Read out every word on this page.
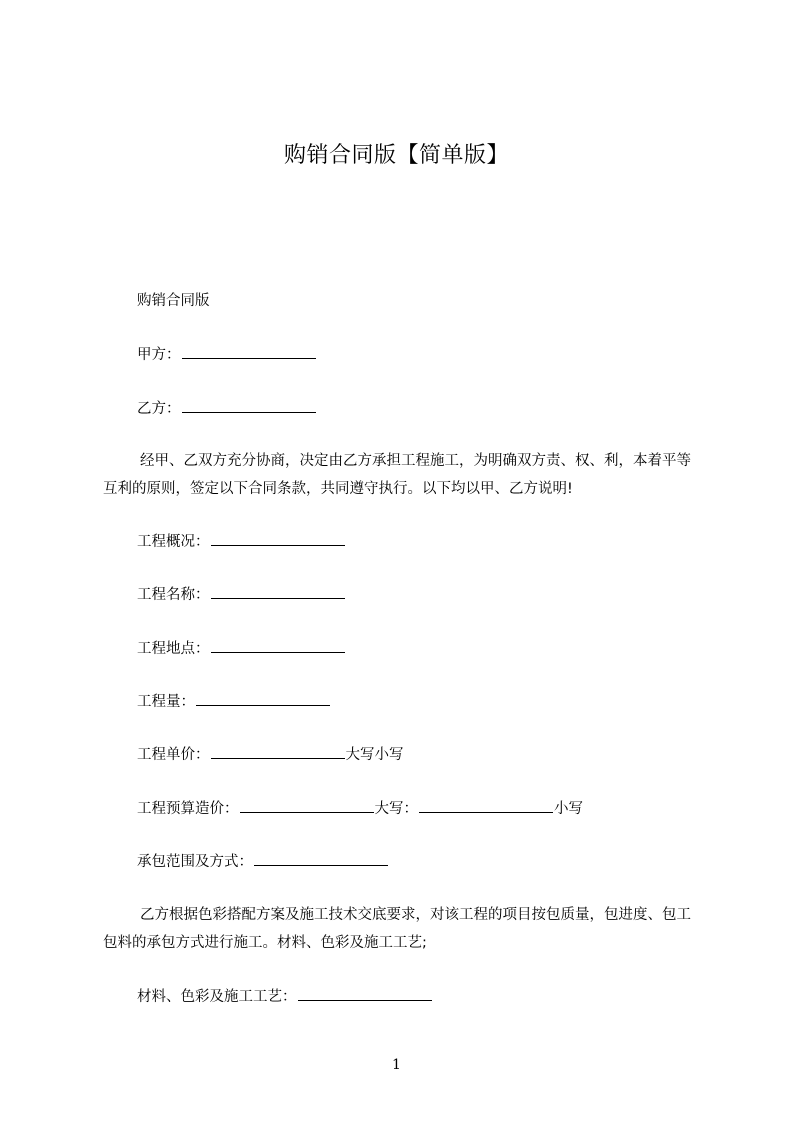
购销合同版【简单版】
购销合同版
甲方：
乙方：
经甲、乙双方充分协商，决定由乙方承担工程施工，为明确双方责、权、利，本着平等互利的原则，签定以下合同条款，共同遵守执行。以下均以甲、乙方说明!
工程概况：
工程名称：
工程地点：
工程量：
工程单价：	大写小写
工程预算造价：	大写：	小写
承包范围及方式：
乙方根据色彩搭配方案及施工技术交底要求，对该工程的项目按包质量，包进度、包工包料的承包方式进行施工。材料、色彩及施工工艺;
材料、色彩及施工工艺：
1
